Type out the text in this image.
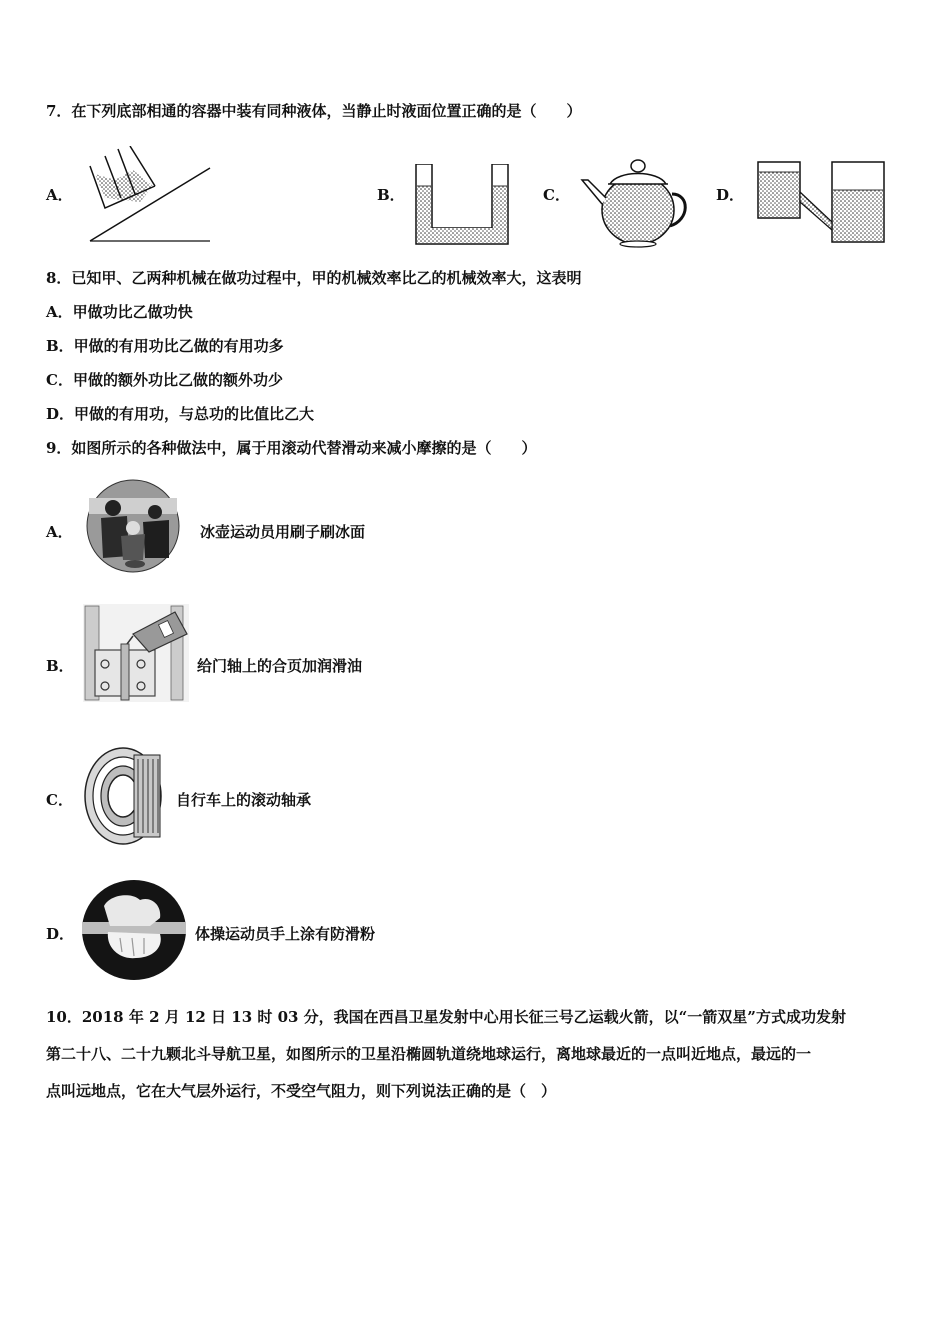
7．在下列底部相通的容器中装有同种液体，当静止时液面位置正确的是（　　）
A．	B．	C．	D．
8．已知甲、乙两种机械在做功过程中，甲的机械效率比乙的机械效率大，这表明
A．甲做功比乙做功快
B．甲做的有用功比乙做的有用功多
C．甲做的额外功比乙做的额外功少
D．甲做的有用功，与总功的比值比乙大
9．如图所示的各种做法中，属于用滚动代替滑动来减小摩擦的是（　　）
A．	冰壶运动员用刷子刷冰面
B．	给门轴上的合页加润滑油
C．	自行车上的滚动轴承
D．	体操运动员手上涂有防滑粉
10．2018 年 2 月 12 日 13 时 03 分，我国在西昌卫星发射中心用长征三号乙运载火箭，以“一箭双星”方式成功发射
第二十八、二十九颗北斗导航卫星，如图所示的卫星沿椭圆轨道绕地球运行，离地球最近的一点叫近地点，最远的一
点叫远地点，它在大气层外运行，不受空气阻力，则下列说法正确的是（　）
